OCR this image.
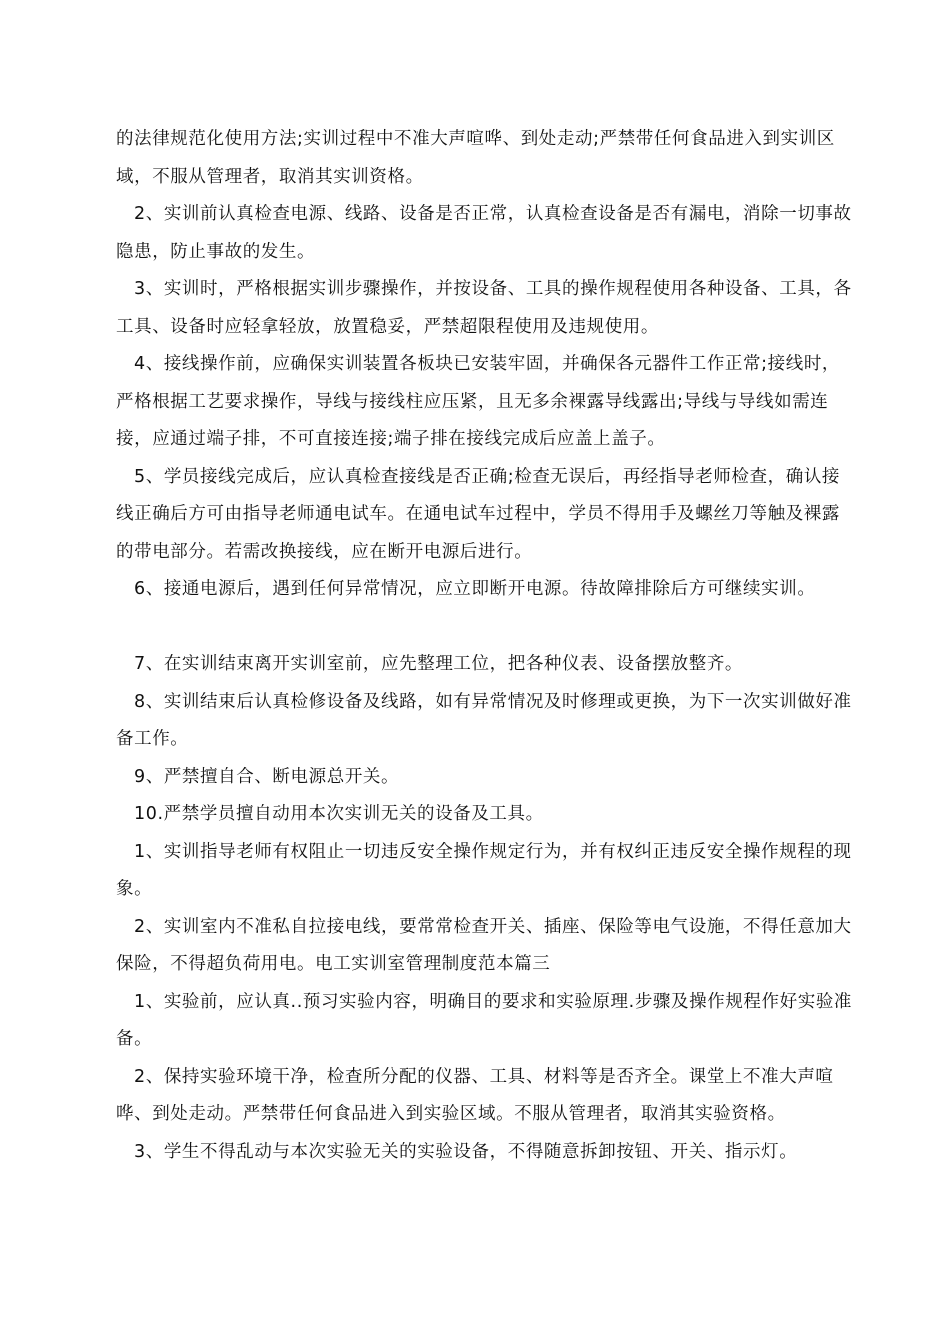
的法律规范化使用方法;实训过程中不准大声喧哗、到处走动;严禁带任何食品进入到实训区域，不服从管理者，取消其实训资格。

2、实训前认真检查电源、线路、设备是否正常，认真检查设备是否有漏电，消除一切事故隐患，防止事故的发生。

3、实训时，严格根据实训步骤操作，并按设备、工具的操作规程使用各种设备、工具，各工具、设备时应轻拿轻放，放置稳妥，严禁超限程使用及违规使用。

4、接线操作前，应确保实训装置各板块已安装牢固，并确保各元器件工作正常;接线时，严格根据工艺要求操作，导线与接线柱应压紧，且无多余裸露导线露出;导线与导线如需连接，应通过端子排，不可直接连接;端子排在接线完成后应盖上盖子。

5、学员接线完成后，应认真检查接线是否正确;检查无误后，再经指导老师检查，确认接线正确后方可由指导老师通电试车。在通电试车过程中，学员不得用手及螺丝刀等触及裸露的带电部分。若需改换接线，应在断开电源后进行。

6、接通电源后，遇到任何异常情况，应立即断开电源。待故障排除后方可继续实训。

7、在实训结束离开实训室前，应先整理工位，把各种仪表、设备摆放整齐。

8、实训结束后认真检修设备及线路，如有异常情况及时修理或更换，为下一次实训做好准备工作。

9、严禁擅自合、断电源总开关。

10.严禁学员擅自动用本次实训无关的设备及工具。

1、实训指导老师有权阻止一切违反安全操作规定行为，并有权纠正违反安全操作规程的现象。

2、实训室内不准私自拉接电线，要常常检查开关、插座、保险等电气设施，不得任意加大保险，不得超负荷用电。电工实训室管理制度范本篇三

1、实验前，应认真..预习实验内容，明确目的要求和实验原理.步骤及操作规程作好实验准备。

2、保持实验环境干净，检查所分配的仪器、工具、材料等是否齐全。课堂上不准大声喧哗、到处走动。严禁带任何食品进入到实验区域。不服从管理者，取消其实验资格。

3、学生不得乱动与本次实验无关的实验设备，不得随意拆卸按钮、开关、指示灯。
